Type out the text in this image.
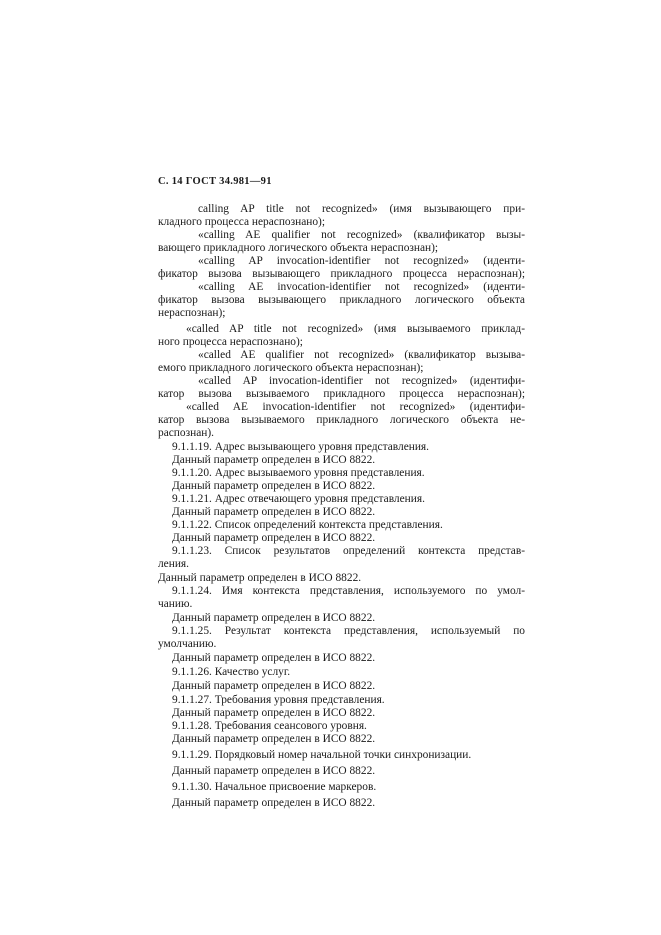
С. 14 ГОСТ 34.981—91
calling AP title not recognized» (имя вызывающего при-
кладного процесса нераспознано);
«calling AE qualifier not recognized» (квалификатор вызы-
вающего прикладного логического объекта нераспознан);
«calling AP invocation-identifier not recognized» (иденти-
фикатор вызова вызывающего прикладного процесса нераспознан);
«calling AE invocation-identifier not recognized» (иденти-
фикатор вызова вызывающего прикладного логического объекта
нераспознан);
«called AP title not recognized» (имя вызываемого приклад-
ного процесса нераспознано);
«called AE qualifier not recognized» (квалификатор вызыва-
емого прикладного логического объекта нераспознан);
«called AP invocation-identifier not recognized» (идентифи-
катор вызова вызываемого прикладного процесса нераспознан);
«called AE invocation-identifier not recognized» (идентифи-
катор вызова вызываемого прикладного логического объекта не-
распознан).
9.1.1.19. Адрес вызывающего уровня представления.
Данный параметр определен в ИСО 8822.
9.1.1.20. Адрес вызываемого уровня представления.
Данный параметр определен в ИСО 8822.
9.1.1.21. Адрес отвечающего уровня представления.
Данный параметр определен в ИСО 8822.
9.1.1.22. Список определений контекста представления.
Данный параметр определен в ИСО 8822.
9.1.1.23. Список результатов определений контекста представ-
ления.
Данный параметр определен в ИСО 8822.
9.1.1.24. Имя контекста представления, используемого по умол-
чанию.
Данный параметр определен в ИСО 8822.
9.1.1.25. Результат контекста представления, используемый по
умолчанию.
Данный параметр определен в ИСО 8822.
9.1.1.26. Качество услуг.
Данный параметр определен в ИСО 8822.
9.1.1.27. Требования уровня представления.
Данный параметр определен в ИСО 8822.
9.1.1.28. Требования сеансового уровня.
Данный параметр определен в ИСО 8822.
9.1.1.29. Порядковый номер начальной точки синхронизации.
Данный параметр определен в ИСО 8822.
9.1.1.30. Начальное присвоение маркеров.
Данный параметр определен в ИСО 8822.
